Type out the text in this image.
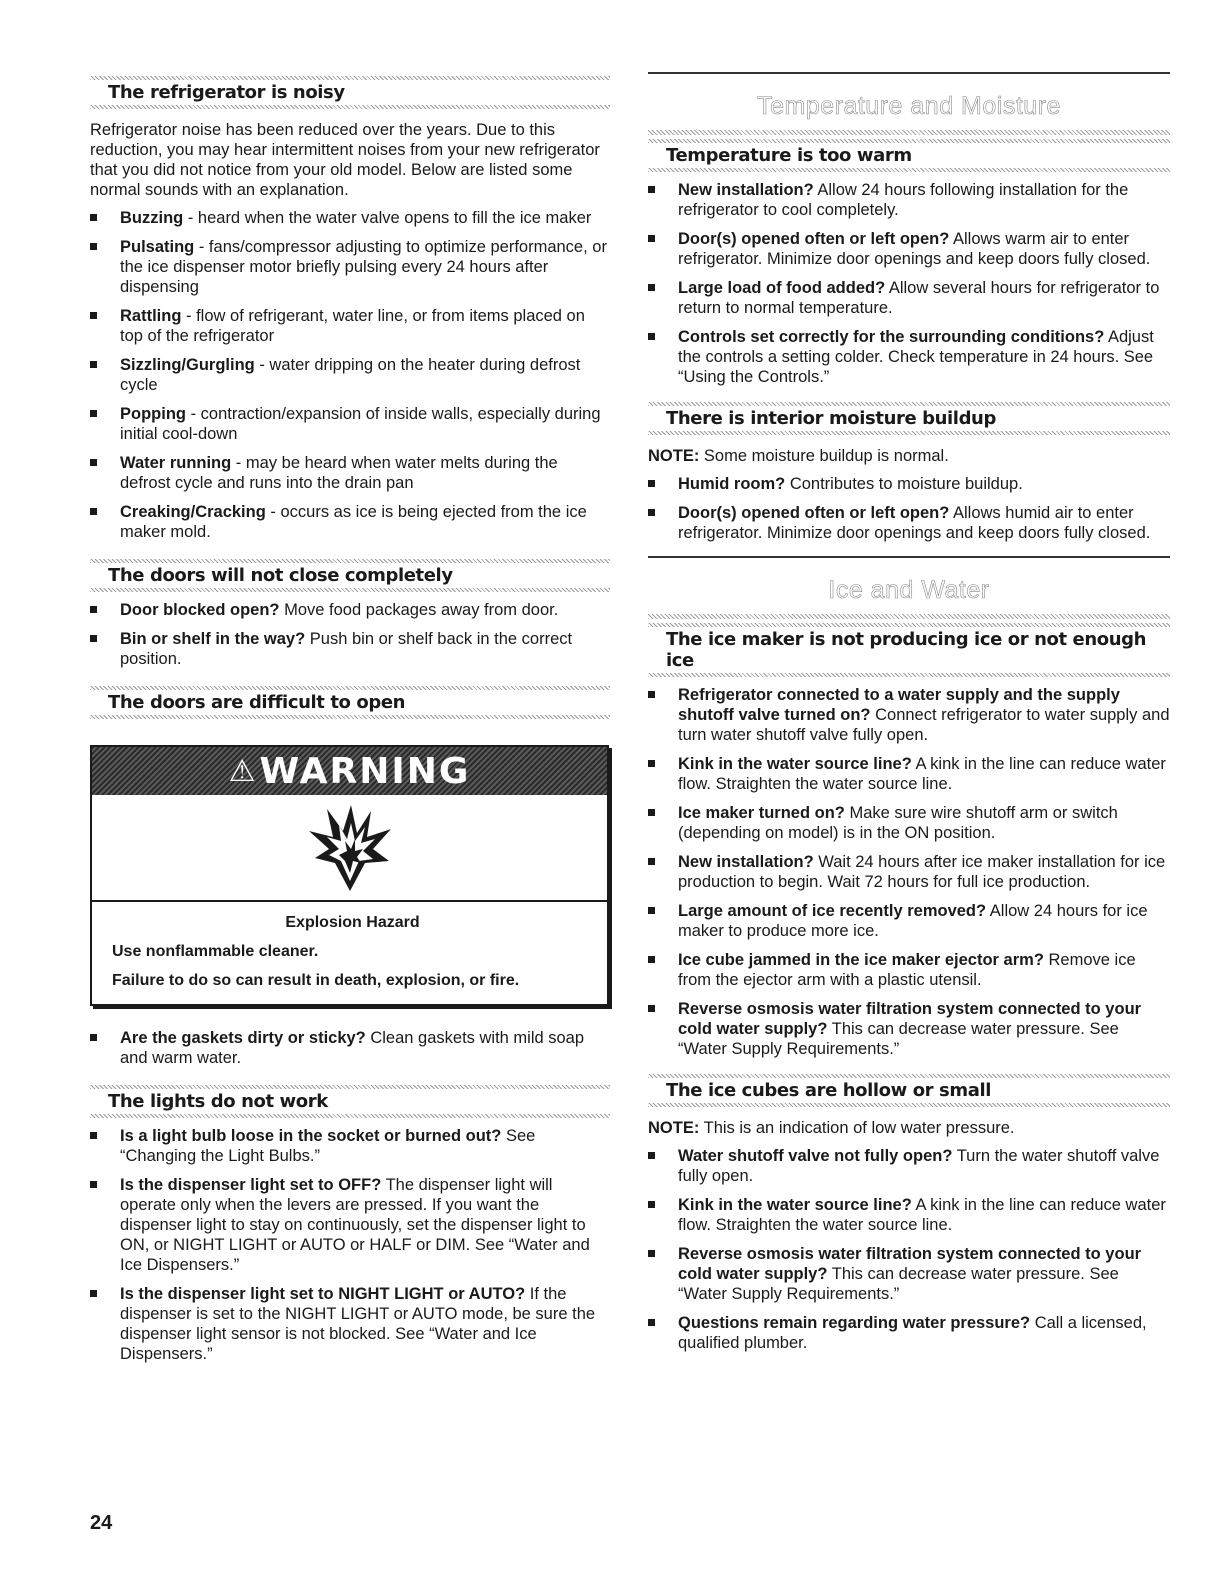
The refrigerator is noisy

Refrigerator noise has been reduced over the years. Due to this reduction, you may hear intermittent noises from your new refrigerator that you did not notice from your old model. Below are listed some normal sounds with an explanation.

Buzzing - heard when the water valve opens to fill the ice maker
Pulsating - fans/compressor adjusting to optimize performance, or the ice dispenser motor briefly pulsing every 24 hours after dispensing
Rattling - flow of refrigerant, water line, or from items placed on top of the refrigerator
Sizzling/Gurgling - water dripping on the heater during defrost cycle
Popping - contraction/expansion of inside walls, especially during initial cool-down
Water running - may be heard when water melts during the defrost cycle and runs into the drain pan
Creaking/Cracking - occurs as ice is being ejected from the ice maker mold.
The doors will not close completely
Door blocked open? Move food packages away from door.
Bin or shelf in the way? Push bin or shelf back in the correct position.
The doors are difficult to open
⚠ WARNING
Explosion Hazard
Use nonflammable cleaner.
Failure to do so can result in death, explosion, or fire.
Are the gaskets dirty or sticky? Clean gaskets with mild soap and warm water.
The lights do not work
Is a light bulb loose in the socket or burned out? See “Changing the Light Bulbs.”
Is the dispenser light set to OFF? The dispenser light will operate only when the levers are pressed. If you want the dispenser light to stay on continuously, set the dispenser light to ON, or NIGHT LIGHT or AUTO or HALF or DIM. See “Water and Ice Dispensers.”
Is the dispenser light set to NIGHT LIGHT or AUTO? If the dispenser is set to the NIGHT LIGHT or AUTO mode, be sure the dispenser light sensor is not blocked. See “Water and Ice Dispensers.”
Temperature and Moisture
Temperature is too warm
New installation? Allow 24 hours following installation for the refrigerator to cool completely.
Door(s) opened often or left open? Allows warm air to enter refrigerator. Minimize door openings and keep doors fully closed.
Large load of food added? Allow several hours for refrigerator to return to normal temperature.
Controls set correctly for the surrounding conditions? Adjust the controls a setting colder. Check temperature in 24 hours. See “Using the Controls.”
There is interior moisture buildup

NOTE: Some moisture buildup is normal.

Humid room? Contributes to moisture buildup.
Door(s) opened often or left open? Allows humid air to enter refrigerator. Minimize door openings and keep doors fully closed.
Ice and Water
The ice maker is not producing ice or not enough ice
Refrigerator connected to a water supply and the supply shutoff valve turned on? Connect refrigerator to water supply and turn water shutoff valve fully open.
Kink in the water source line? A kink in the line can reduce water flow. Straighten the water source line.
Ice maker turned on? Make sure wire shutoff arm or switch (depending on model) is in the ON position.
New installation? Wait 24 hours after ice maker installation for ice production to begin. Wait 72 hours for full ice production.
Large amount of ice recently removed? Allow 24 hours for ice maker to produce more ice.
Ice cube jammed in the ice maker ejector arm? Remove ice from the ejector arm with a plastic utensil.
Reverse osmosis water filtration system connected to your cold water supply? This can decrease water pressure. See “Water Supply Requirements.”
The ice cubes are hollow or small

NOTE: This is an indication of low water pressure.

Water shutoff valve not fully open? Turn the water shutoff valve fully open.
Kink in the water source line? A kink in the line can reduce water flow. Straighten the water source line.
Reverse osmosis water filtration system connected to your cold water supply? This can decrease water pressure. See “Water Supply Requirements.”
Questions remain regarding water pressure? Call a licensed, qualified plumber.
24
